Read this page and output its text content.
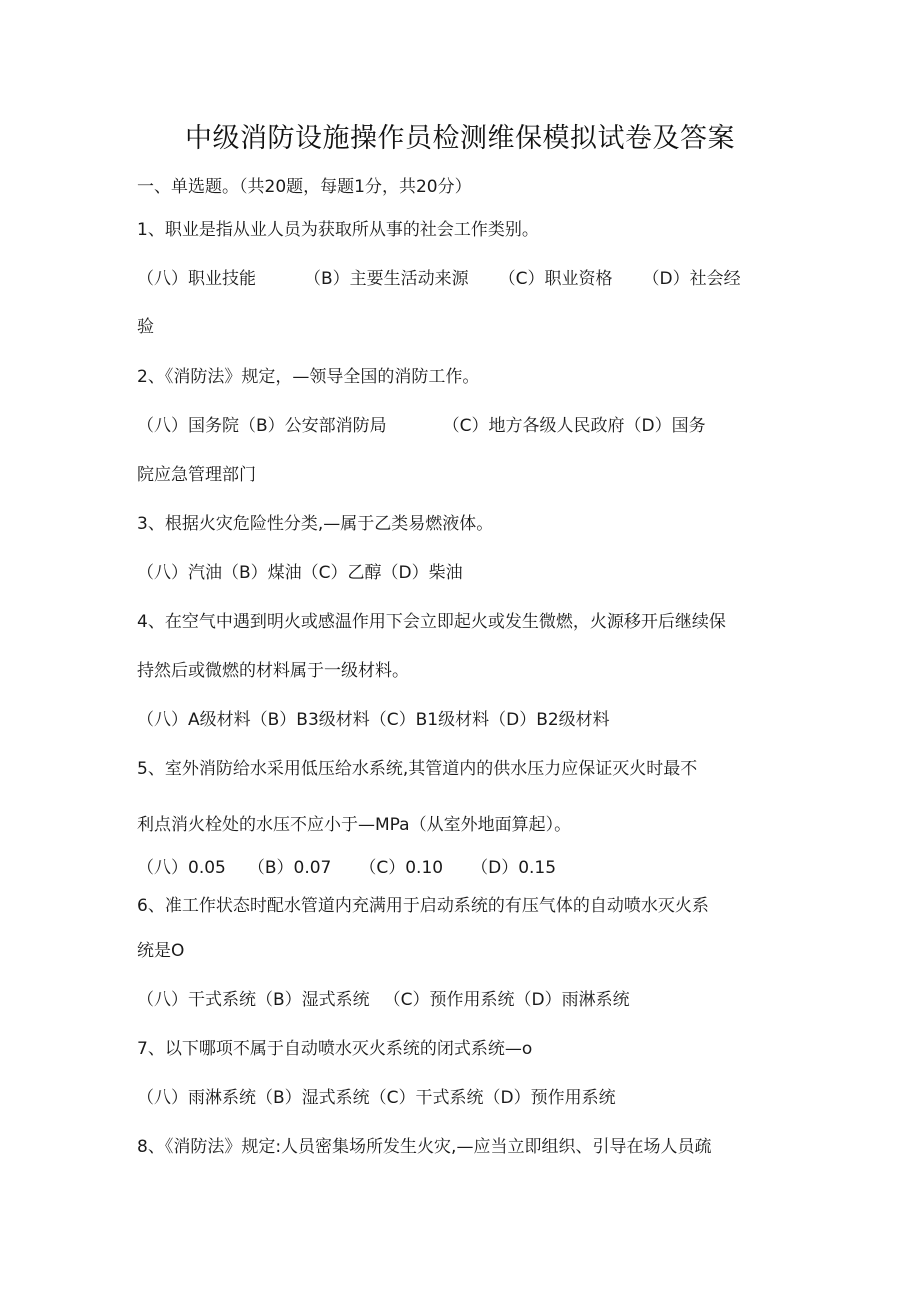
中级消防设施操作员检测维保模拟试卷及答案
一、单选题。（共20题，每题1分，共20分）
1、职业是指从业人员为获取所从事的社会工作类别。
（八）职业技能	（B）主要生活动来源 （C）职业资格 （D）社会经
验
2、《消防法》规定，—领导全国的消防工作。
（八）国务院（B）公安部消防局	（C）地方各级人民政府（D）国务
院应急管理部门
3、根据火灾危险性分类,—属于乙类易燃液体。
（八）汽油（B）煤油（C）乙醇（D）柴油
4、在空气中遇到明火或感温作用下会立即起火或发生微燃，火源移开后继续保
持然后或微燃的材料属于一级材料。
（八）A级材料（B）B3级材料（C）B1级材料（D）B2级材料
5、室外消防给水采用低压给水系统,其管道内的供水压力应保证灭火时最不
利点消火栓处的水压不应小于—MPa（从室外地面算起）。
（八）0.05 （B）0.07 （C）0.10 （D）0.15
6、准工作状态时配水管道内充满用于启动系统的有压气体的自动喷水灭火系
统是O
（八）干式系统（B）湿式系统 （C）预作用系统（D）雨淋系统
7、以下哪项不属于自动喷水灭火系统的闭式系统—o
（八）雨淋系统（B）湿式系统（C）干式系统（D）预作用系统
8、《消防法》规定:人员密集场所发生火灾,—应当立即组织、引导在场人员疏
